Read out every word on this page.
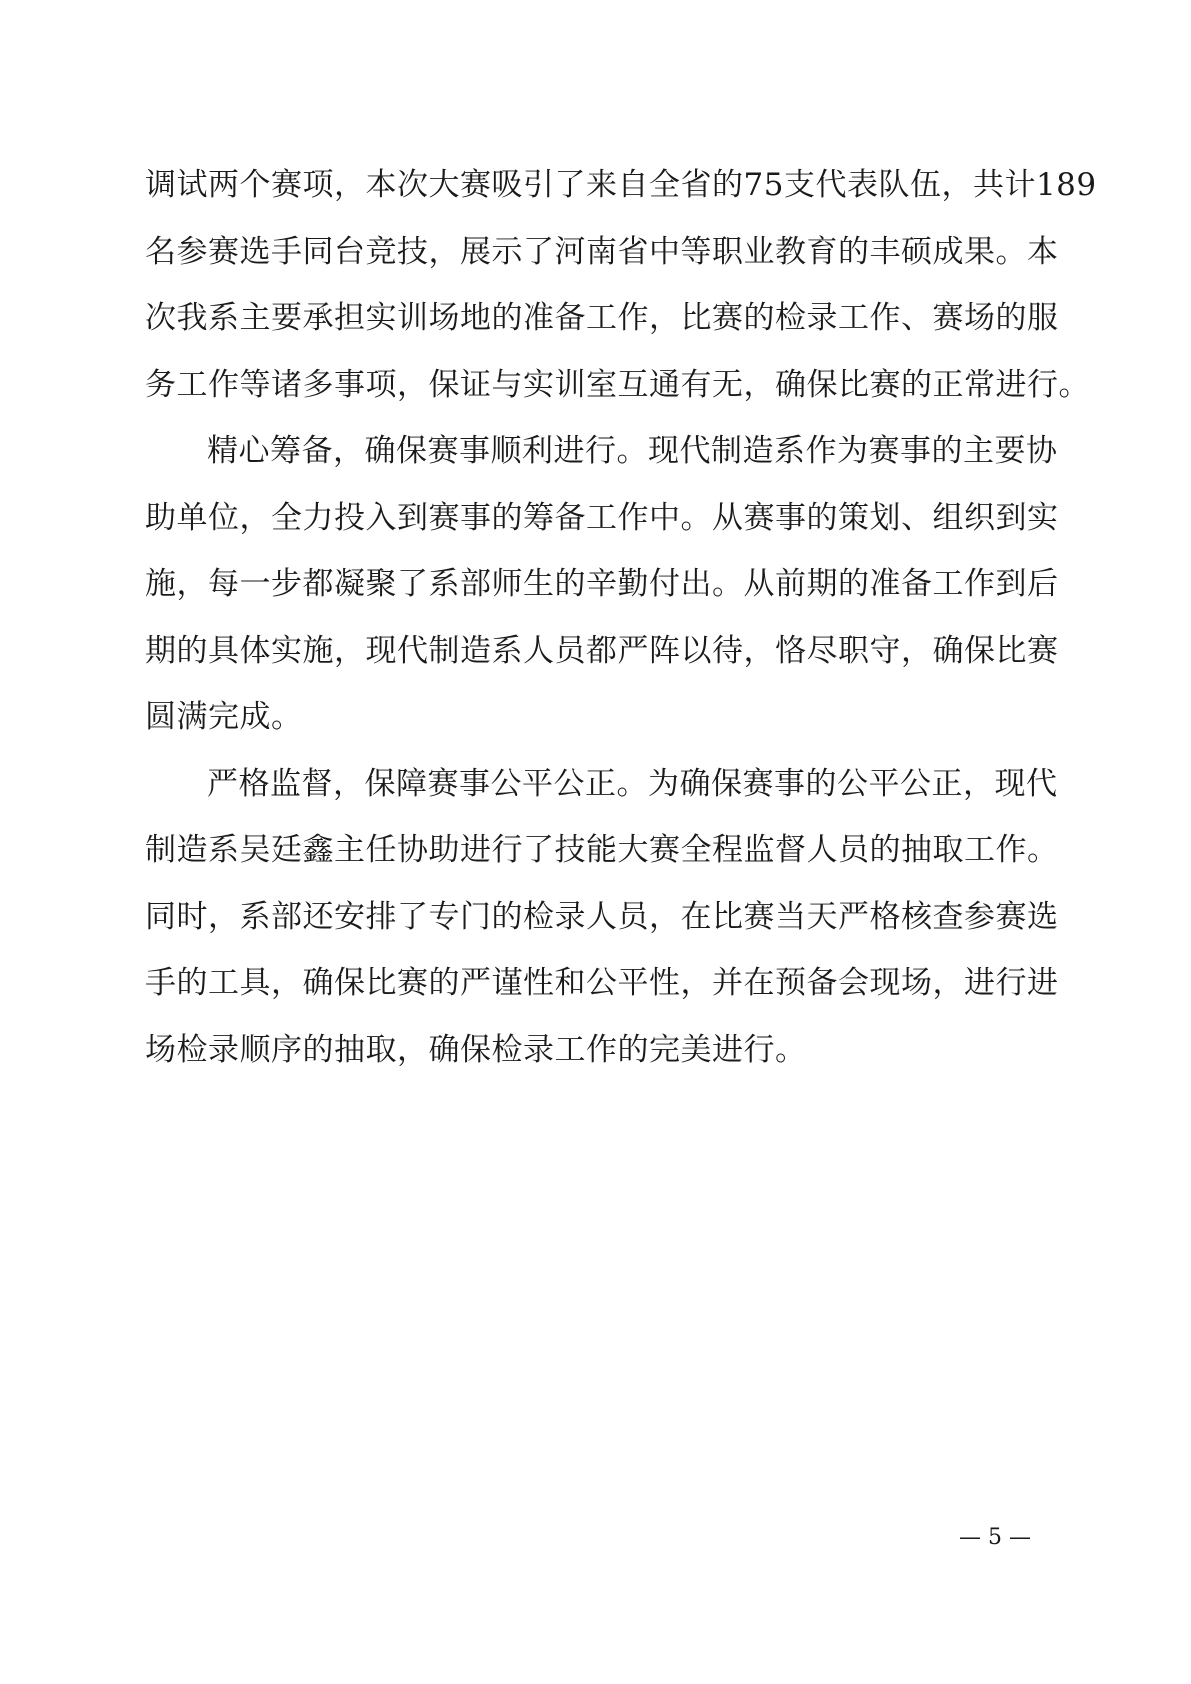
调试两个赛项，本次大赛吸引了来自全省的75支代表队伍，共计189
名参赛选手同台竞技，展示了河南省中等职业教育的丰硕成果。本
次我系主要承担实训场地的准备工作，比赛的检录工作、赛场的服
务工作等诸多事项，保证与实训室互通有无，确保比赛的正常进行。
精心筹备，确保赛事顺利进行。现代制造系作为赛事的主要协
助单位，全力投入到赛事的筹备工作中。从赛事的策划、组织到实
施，每一步都凝聚了系部师生的辛勤付出。从前期的准备工作到后
期的具体实施，现代制造系人员都严阵以待，恪尽职守，确保比赛
圆满完成。
严格监督，保障赛事公平公正。为确保赛事的公平公正，现代
制造系吴廷鑫主任协助进行了技能大赛全程监督人员的抽取工作。
同时，系部还安排了专门的检录人员，在比赛当天严格核查参赛选
手的工具，确保比赛的严谨性和公平性，并在预备会现场，进行进
场检录顺序的抽取，确保检录工作的完美进行。
— 5 —
